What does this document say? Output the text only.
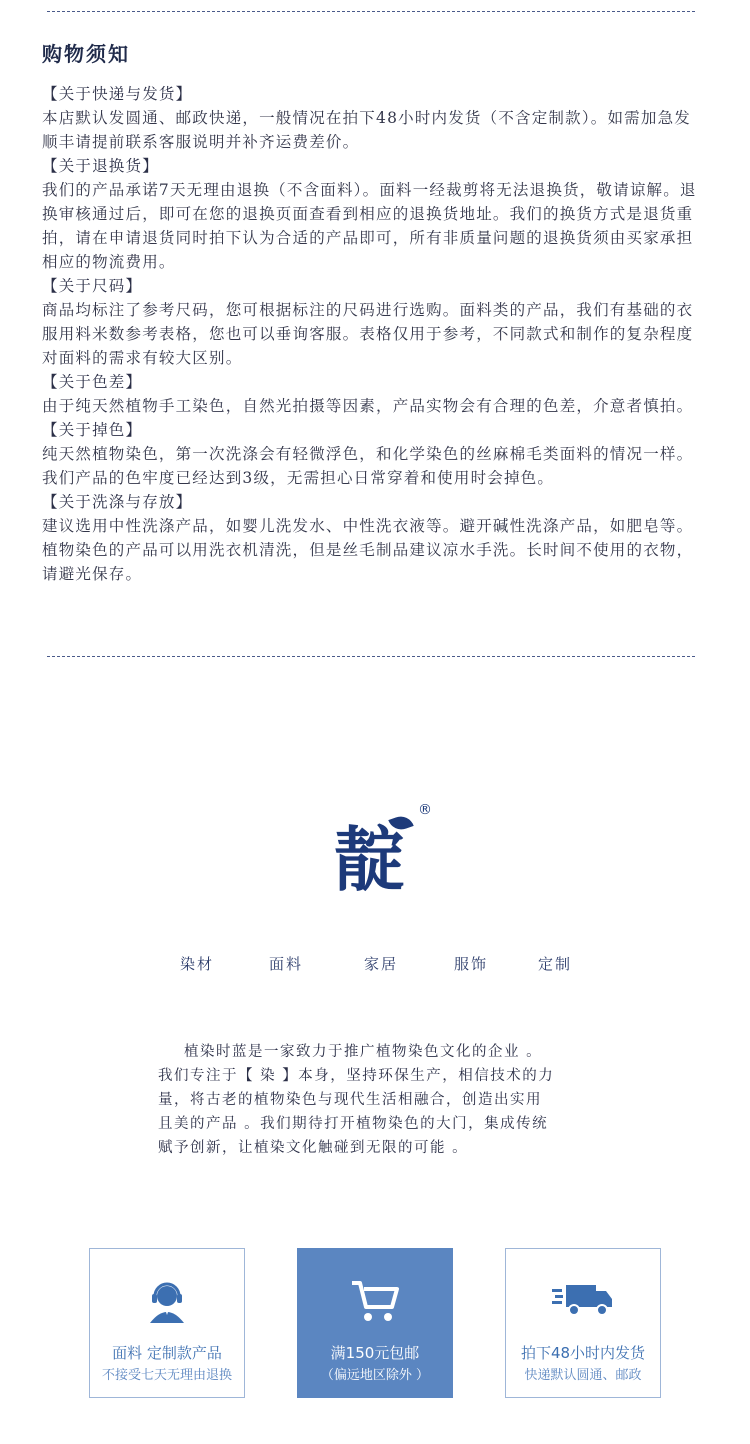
购物须知

【关于快递与发货】

本店默认发圆通、邮政快递，一般情况在拍下48小时内发货（不含定制款）。如需加急发顺丰请提前联系客服说明并补齐运费差价。

【关于退换货】

我们的产品承诺7天无理由退换（不含面料）。面料一经裁剪将无法退换货，敬请谅解。退换审核通过后，即可在您的退换页面查看到相应的退换货地址。我们的换货方式是退货重拍，请在申请退货同时拍下认为合适的产品即可，所有非质量问题的退换货须由买家承担相应的物流费用。

【关于尺码】

商品均标注了参考尺码，您可根据标注的尺码进行选购。面料类的产品，我们有基础的衣服用料米数参考表格，您也可以垂询客服。表格仅用于参考，不同款式和制作的复杂程度对面料的需求有较大区别。

【关于色差】

由于纯天然植物手工染色，自然光拍摄等因素，产品实物会有合理的色差，介意者慎拍。

【关于掉色】

纯天然植物染色，第一次洗涤会有轻微浮色，和化学染色的丝麻棉毛类面料的情况一样。我们产品的色牢度已经达到3级，无需担心日常穿着和使用时会掉色。

【关于洗涤与存放】

建议选用中性洗涤产品，如婴儿洗发水、中性洗衣液等。避开碱性洗涤产品，如肥皂等。植物染色的产品可以用洗衣机清洗，但是丝毛制品建议凉水手洗。长时间不使用的衣物，请避光保存。

靛
®
染材	面料	家居	服饰	定制

植染时蓝是一家致力于推广植物染色文化的企业 。

我们专注于【 染 】本身，坚持环保生产，相信技术的力

量，将古老的植物染色与现代生活相融合，创造出实用

且美的产品 。我们期待打开植物染色的大门，集成传统

赋予创新，让植染文化触碰到无限的可能 。

面料 定制款产品
不接受七天无理由退换
满150元包邮
（偏远地区除外 ）
拍下48小时内发货
快递默认圆通、邮政
